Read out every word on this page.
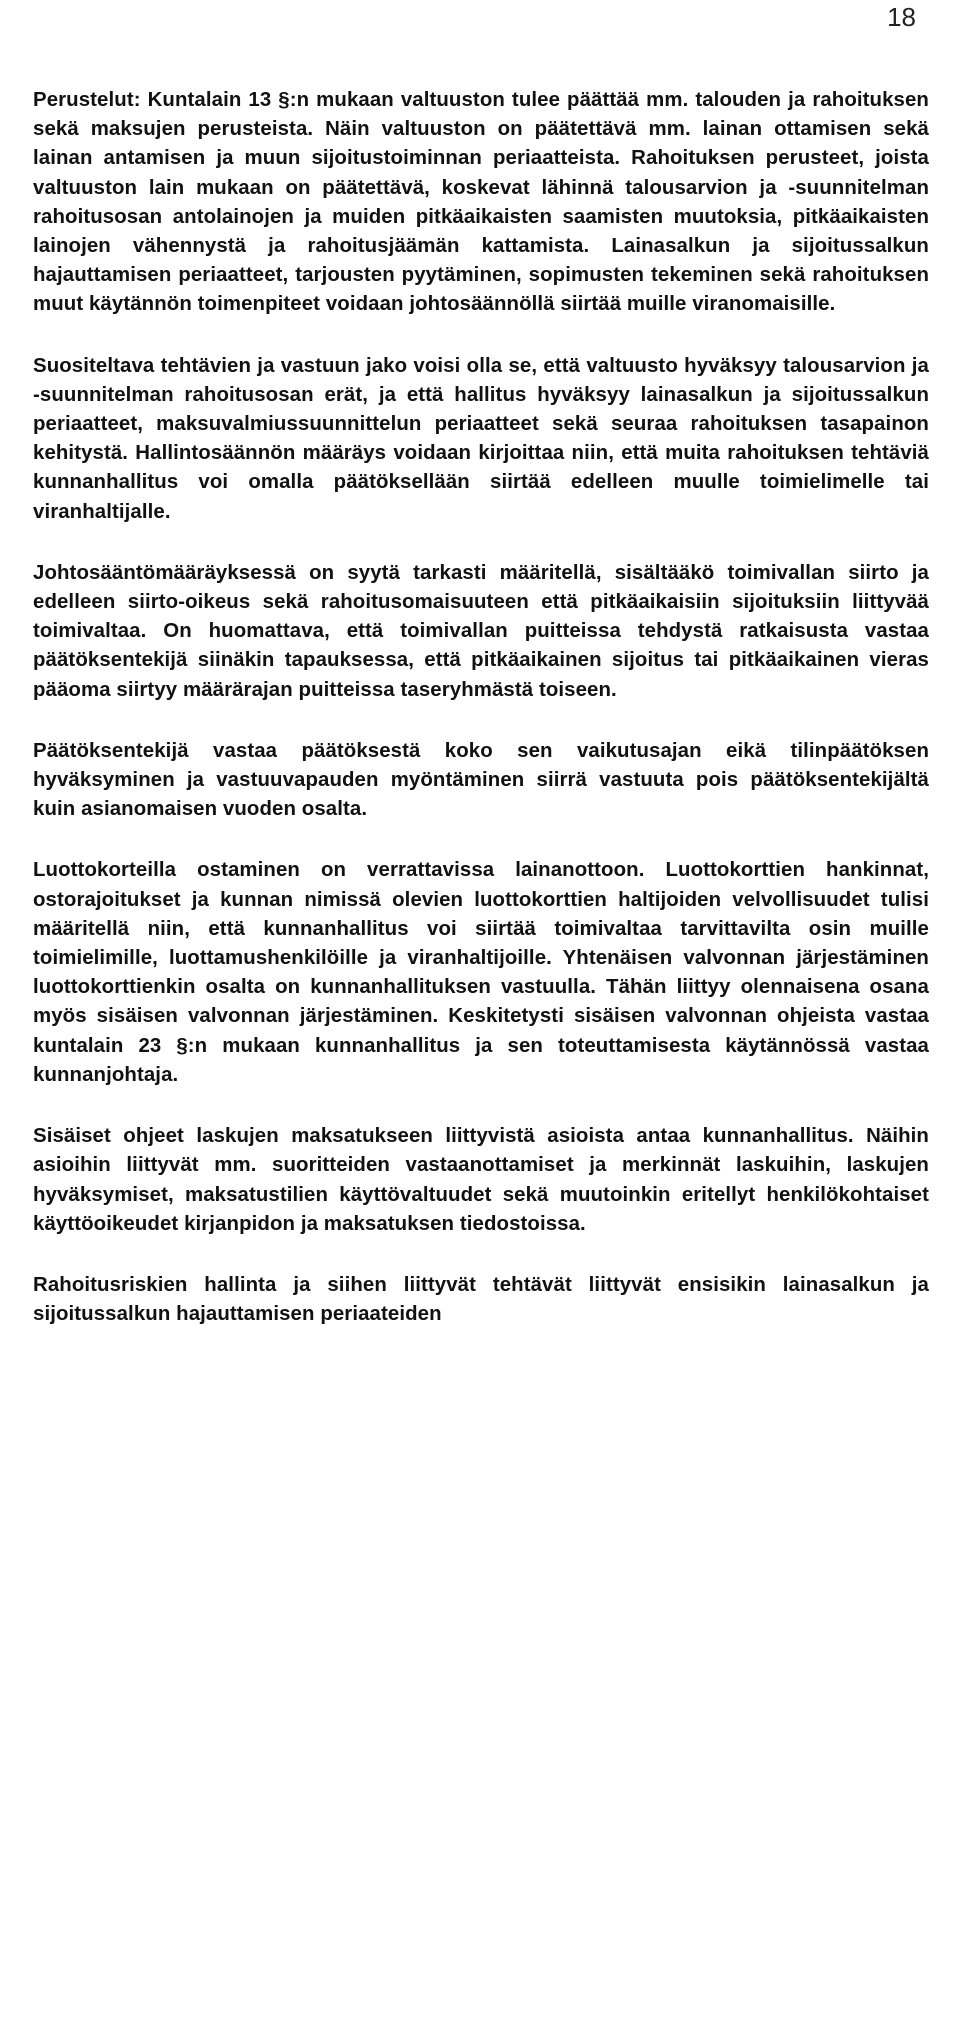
18

Perustelut: Kuntalain 13 §:n mukaan valtuuston tulee päättää mm. talouden ja rahoituksen sekä maksujen perusteista. Näin valtuuston on päätettävä mm. lainan ottamisen sekä lainan antamisen ja muun sijoitustoiminnan periaatteista. Rahoituksen perusteet, joista valtuuston lain mukaan on päätettävä, koskevat lähinnä talousarvion ja -suunnitelman rahoitusosan antolainojen ja muiden pitkäaikaisten saamisten muutoksia, pitkäaikaisten lainojen vähennystä ja rahoitusjäämän kattamista. Lainasalkun ja sijoitussalkun hajauttamisen periaatteet, tarjousten pyytäminen, sopimusten tekeminen sekä rahoituksen muut käytännön toimenpiteet voidaan johtosäännöllä siirtää muille viranomaisille.

Suositeltava tehtävien ja vastuun jako voisi olla se, että valtuusto hyväksyy talousarvion ja -suunnitelman rahoitusosan erät, ja että hallitus hyväksyy lainasalkun ja sijoitussalkun periaatteet, maksuvalmiussuunnittelun periaatteet sekä seuraa rahoituksen tasapainon kehitystä. Hallintosäännön määräys voidaan kirjoittaa niin, että muita rahoituksen tehtäviä kunnanhallitus voi omalla päätöksellään siirtää edelleen muulle toimielimelle tai viranhaltijalle.

Johtosääntömääräyksessä on syytä tarkasti määritellä, sisältääkö toimivallan siirto ja edelleen siirto-oikeus sekä rahoitusomaisuuteen että pitkäaikaisiin sijoituksiin liittyvää toimivaltaa. On huomattava, että toimivallan puitteissa tehdystä ratkaisusta vastaa päätöksentekijä siinäkin tapauksessa, että pitkäaikainen sijoitus tai pitkäaikainen vieras pääoma siirtyy määrärajan puitteissa taseryhmästä toiseen.

Päätöksentekijä vastaa päätöksestä koko sen vaikutusajan eikä tilinpäätöksen hyväksyminen ja vastuuvapauden myöntäminen siirrä vastuuta pois päätöksentekijältä kuin asianomaisen vuoden osalta.

Luottokorteilla ostaminen on verrattavissa lainanottoon. Luottokorttien hankinnat, ostorajoitukset ja kunnan nimissä olevien luottokorttien haltijoiden velvollisuudet tulisi määritellä niin, että kunnanhallitus voi siirtää toimivaltaa tarvittavilta osin muille toimielimille, luottamushenkilöille ja viranhaltijoille. Yhtenäisen valvonnan järjestäminen luottokorttienkin osalta on kunnanhallituksen vastuulla. Tähän liittyy olennaisena osana myös sisäisen valvonnan järjestäminen. Keskitetysti sisäisen valvonnan ohjeista vastaa kuntalain 23 §:n mukaan kunnanhallitus ja sen toteuttamisesta käytännössä vastaa kunnanjohtaja.

Sisäiset ohjeet laskujen maksatukseen liittyvistä asioista antaa kunnanhallitus. Näihin asioihin liittyvät mm. suoritteiden vastaanottamiset ja merkinnät laskuihin, laskujen hyväksymiset, maksatustilien käyttövaltuudet sekä muutoinkin eritellyt henkilökohtaiset käyttöoikeudet kirjanpidon ja maksatuksen tiedostoissa.

Rahoitusriskien hallinta ja siihen liittyvät tehtävät liittyvät ensisikin lainasalkun ja sijoitussalkun hajauttamisen periaateiden
